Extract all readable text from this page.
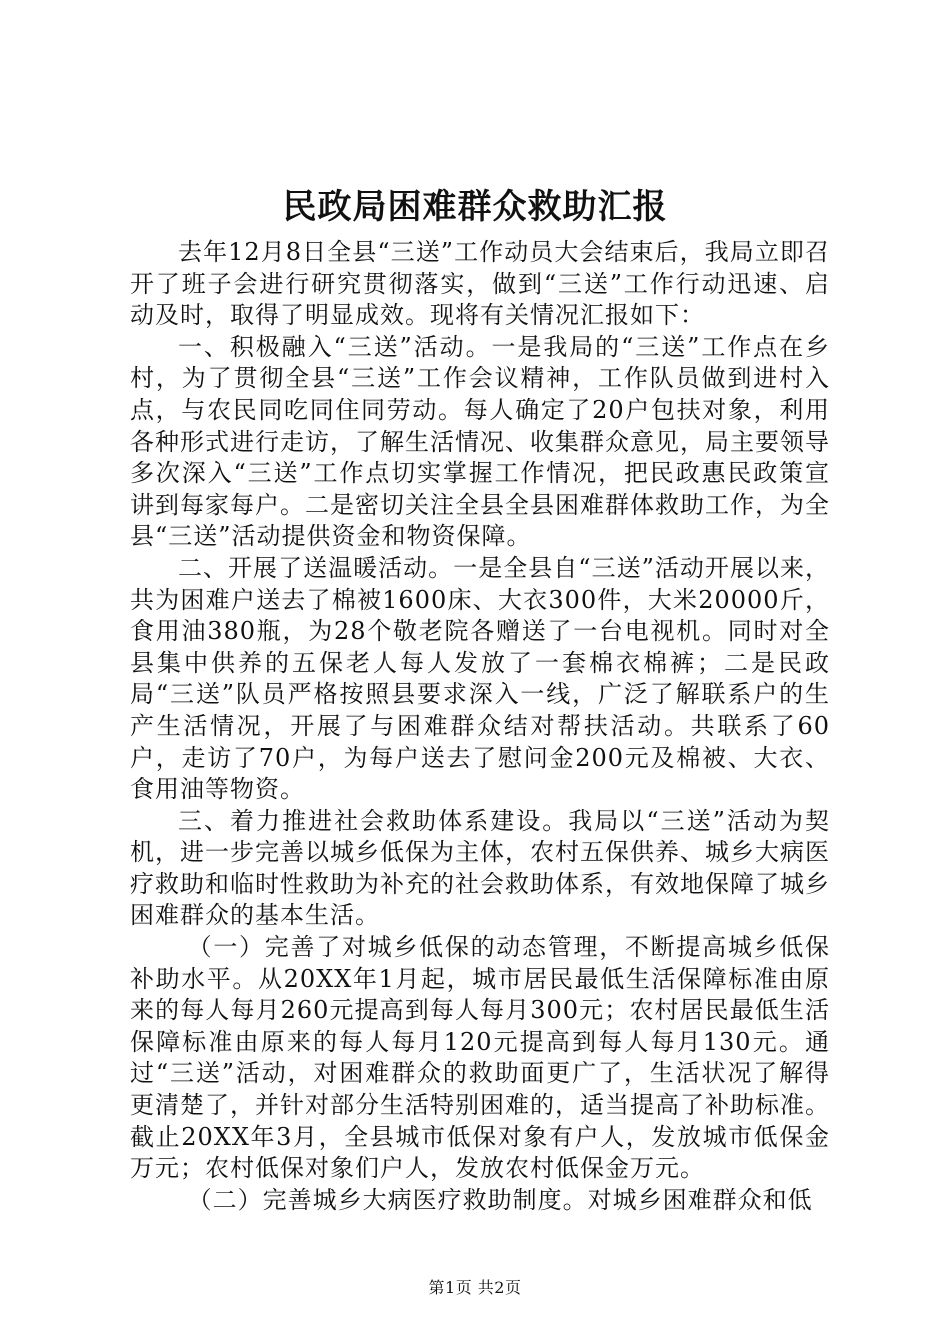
民政局困难群众救助汇报

去年12月8日全县“三送”工作动员大会结束后，我局立即召开了班子会进行研究贯彻落实，做到“三送”工作行动迅速、启动及时，取得了明显成效。现将有关情况汇报如下：

一、积极融入“三送”活动。一是我局的“三送”工作点在乡村，为了贯彻全县“三送”工作会议精神，工作队员做到进村入点，与农民同吃同住同劳动。每人确定了20户包扶对象，利用各种形式进行走访，了解生活情况、收集群众意见，局主要领导多次深入“三送”工作点切实掌握工作情况，把民政惠民政策宣讲到每家每户。二是密切关注全县全县困难群体救助工作，为全县“三送”活动提供资金和物资保障。

二、开展了送温暖活动。一是全县自“三送”活动开展以来，共为困难户送去了棉被1600床、大衣300件，大米20000斤，食用油380瓶，为28个敬老院各赠送了一台电视机。同时对全县集中供养的五保老人每人发放了一套棉衣棉裤；二是民政局“三送”队员严格按照县要求深入一线，广泛了解联系户的生产生活情况，开展了与困难群众结对帮扶活动。共联系了60户，走访了70户，为每户送去了慰问金200元及棉被、大衣、食用油等物资。

三、着力推进社会救助体系建设。我局以“三送”活动为契机，进一步完善以城乡低保为主体，农村五保供养、城乡大病医疗救助和临时性救助为补充的社会救助体系，有效地保障了城乡困难群众的基本生活。

（一）完善了对城乡低保的动态管理，不断提高城乡低保补助水平。从20XX年1月起，城市居民最低生活保障标准由原来的每人每月260元提高到每人每月300元；农村居民最低生活保障标准由原来的每人每月120元提高到每人每月130元。通过“三送”活动，对困难群众的救助面更广了，生活状况了解得更清楚了，并针对部分生活特别困难的，适当提高了补助标准。截止20XX年3月，全县城市低保对象有户人，发放城市低保金万元；农村低保对象们户人，发放农村低保金万元。

（二）完善城乡大病医疗救助制度。对城乡困难群众和低

第1页 共2页
